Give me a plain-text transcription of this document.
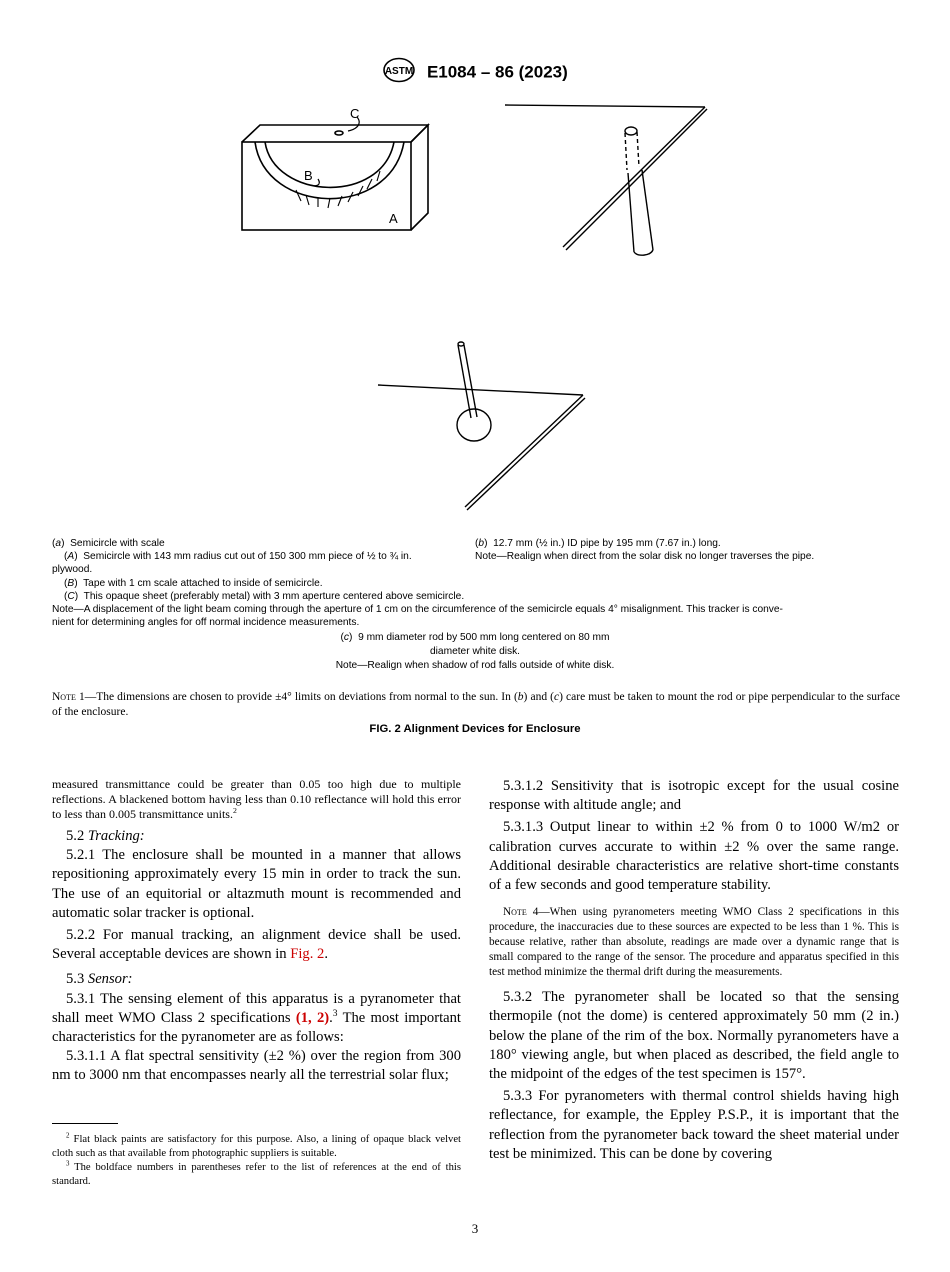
ASTM E1084 – 86 (2023)
C
B
A
(a)  Semicircle with scale
(A)  Semicircle with 143 mm radius cut out of 150 300 mm piece of ½ to ¾ in.
plywood.
(B)  Tape with 1 cm scale attached to inside of semicircle.
(C)  This opaque sheet (preferably metal) with 3 mm aperture centered above semicircle.
Note—A displacement of the light beam coming through the aperture of 1 cm on the circumference of the semicircle equals 4° misalignment. This tracker is conve-
nient for determining angles for off normal incidence measurements.
(b)  12.7 mm (½ in.) ID pipe by 195 mm (7.67 in.) long.
Note—Realign when direct from the solar disk no longer traverses the pipe.
(c)  9 mm diameter rod by 500 mm long centered on 80 mm
diameter white disk.
Note—Realign when shadow of rod falls outside of white disk.
Note 1—The dimensions are chosen to provide ±4° limits on deviations from normal to the sun. In (b) and (c) care must be taken to mount the rod or pipe perpendicular to the surface of the enclosure.
FIG. 2 Alignment Devices for Enclosure

measured transmittance could be greater than 0.05 too high due to multiple reflections. A blackened bottom having less than 0.10 reflectance will hold this error to less than 0.005 transmittance units.$^2$

5.2 Tracking:

5.2.1 The enclosure shall be mounted in a manner that allows repositioning approximately every 15 min in order to track the sun. The use of an equitorial or altazmuth mount is recommended and automatic solar tracker is optional.

5.2.2 For manual tracking, an alignment device shall be used. Several acceptable devices are shown in Fig. 2.

5.3 Sensor:

5.3.1 The sensing element of this apparatus is a pyranometer that shall meet WMO Class 2 specifications (1, 2).$^3$ The most important characteristics for the pyranometer are as follows:

5.3.1.1 A flat spectral sensitivity (±2 %) over the region from 300 nm to 3000 nm that encompasses nearly all the terrestrial solar flux;

$^2$ Flat black paints are satisfactory for this purpose. Also, a lining of opaque black velvet cloth such as that available from photographic suppliers is suitable.

$^3$ The boldface numbers in parentheses refer to the list of references at the end of this standard.

5.3.1.2 Sensitivity that is isotropic except for the usual cosine response with altitude angle; and

5.3.1.3 Output linear to within ±2 % from 0 to 1000 W/m2 or calibration curves accurate to within ±2 % over the same range. Additional desirable characteristics are relative short-time constants of a few seconds and good temperature stability.

Note 4—When using pyranometers meeting WMO Class 2 specifications in this procedure, the inaccuracies due to these sources are expected to be less than 1 %. This is because relative, rather than absolute, readings are made over a dynamic range that is small compared to the range of the sensor. The procedure and apparatus specified in this test method minimize the thermal drift during the measurements.

5.3.2 The pyranometer shall be located so that the sensing thermopile (not the dome) is centered approximately 50 mm (2 in.) below the plane of the rim of the box. Normally pyranometers have a 180° viewing angle, but when placed as described, the field angle to the midpoint of the edges of the test specimen is 157°.

5.3.3 For pyranometers with thermal control shields having high reflectance, for example, the Eppley P.S.P., it is important that the reflection from the pyranometer back toward the sheet material under test be minimized. This can be done by covering

3
